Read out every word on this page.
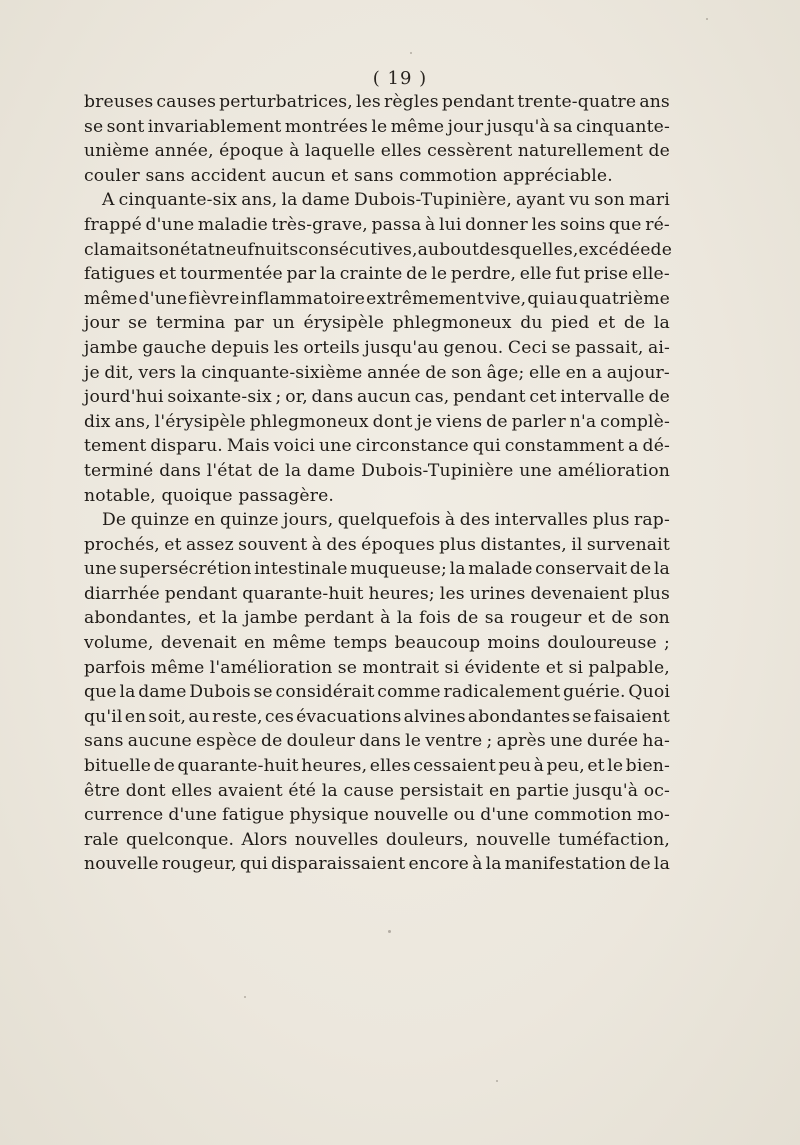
( 19 )
breuses causes perturbatrices, les règles pendant trente-quatre ans
se sont invariablement montrées le même jour jusqu'à sa cinquante-
unième année, époque à laquelle elles cessèrent naturellement de
couler sans accident aucun et sans commotion appréciable.
A cinquante-six ans, la dame Dubois-Tupinière, ayant vu son mari
frappé d'une maladie très-grave, passa à lui donner les soins que ré-
clamait son état neuf nuits consécutives, au bout desquelles, excédée de
fatigues et tourmentée par la crainte de le perdre, elle fut prise elle-
même d'une fièvre inflammatoire extrêmement vive, qui au quatrième
jour se termina par un érysipèle phlegmoneux du pied et de la
jambe gauche depuis les orteils jusqu'au genou. Ceci se passait, ai-
je dit, vers la cinquante-sixième année de son âge; elle en a aujour-
jourd'hui soixante-six ; or, dans aucun cas, pendant cet intervalle de
dix ans, l'érysipèle phlegmoneux dont je viens de parler n'a complè-
tement disparu. Mais voici une circonstance qui constamment a dé-
terminé dans l'état de la dame Dubois-Tupinière une amélioration
notable, quoique passagère.
De quinze en quinze jours, quelquefois à des intervalles plus rap-
prochés, et assez souvent à des époques plus distantes, il survenait
une supersécrétion intestinale muqueuse; la malade conservait de la
diarrhée pendant quarante-huit heures; les urines devenaient plus
abondantes, et la jambe perdant à la fois de sa rougeur et de son
volume, devenait en même temps beaucoup moins douloureuse ;
parfois même l'amélioration se montrait si évidente et si palpable,
que la dame Dubois se considérait comme radicalement guérie. Quoi
qu'il en soit, au reste, ces évacuations alvines abondantes se faisaient
sans aucune espèce de douleur dans le ventre ; après une durée ha-
bituelle de quarante-huit heures, elles cessaient peu à peu, et le bien-
être dont elles avaient été la cause persistait en partie jusqu'à oc-
currence d'une fatigue physique nouvelle ou d'une commotion mo-
rale quelconque. Alors nouvelles douleurs, nouvelle tuméfaction,
nouvelle rougeur, qui disparaissaient encore à la manifestation de la
